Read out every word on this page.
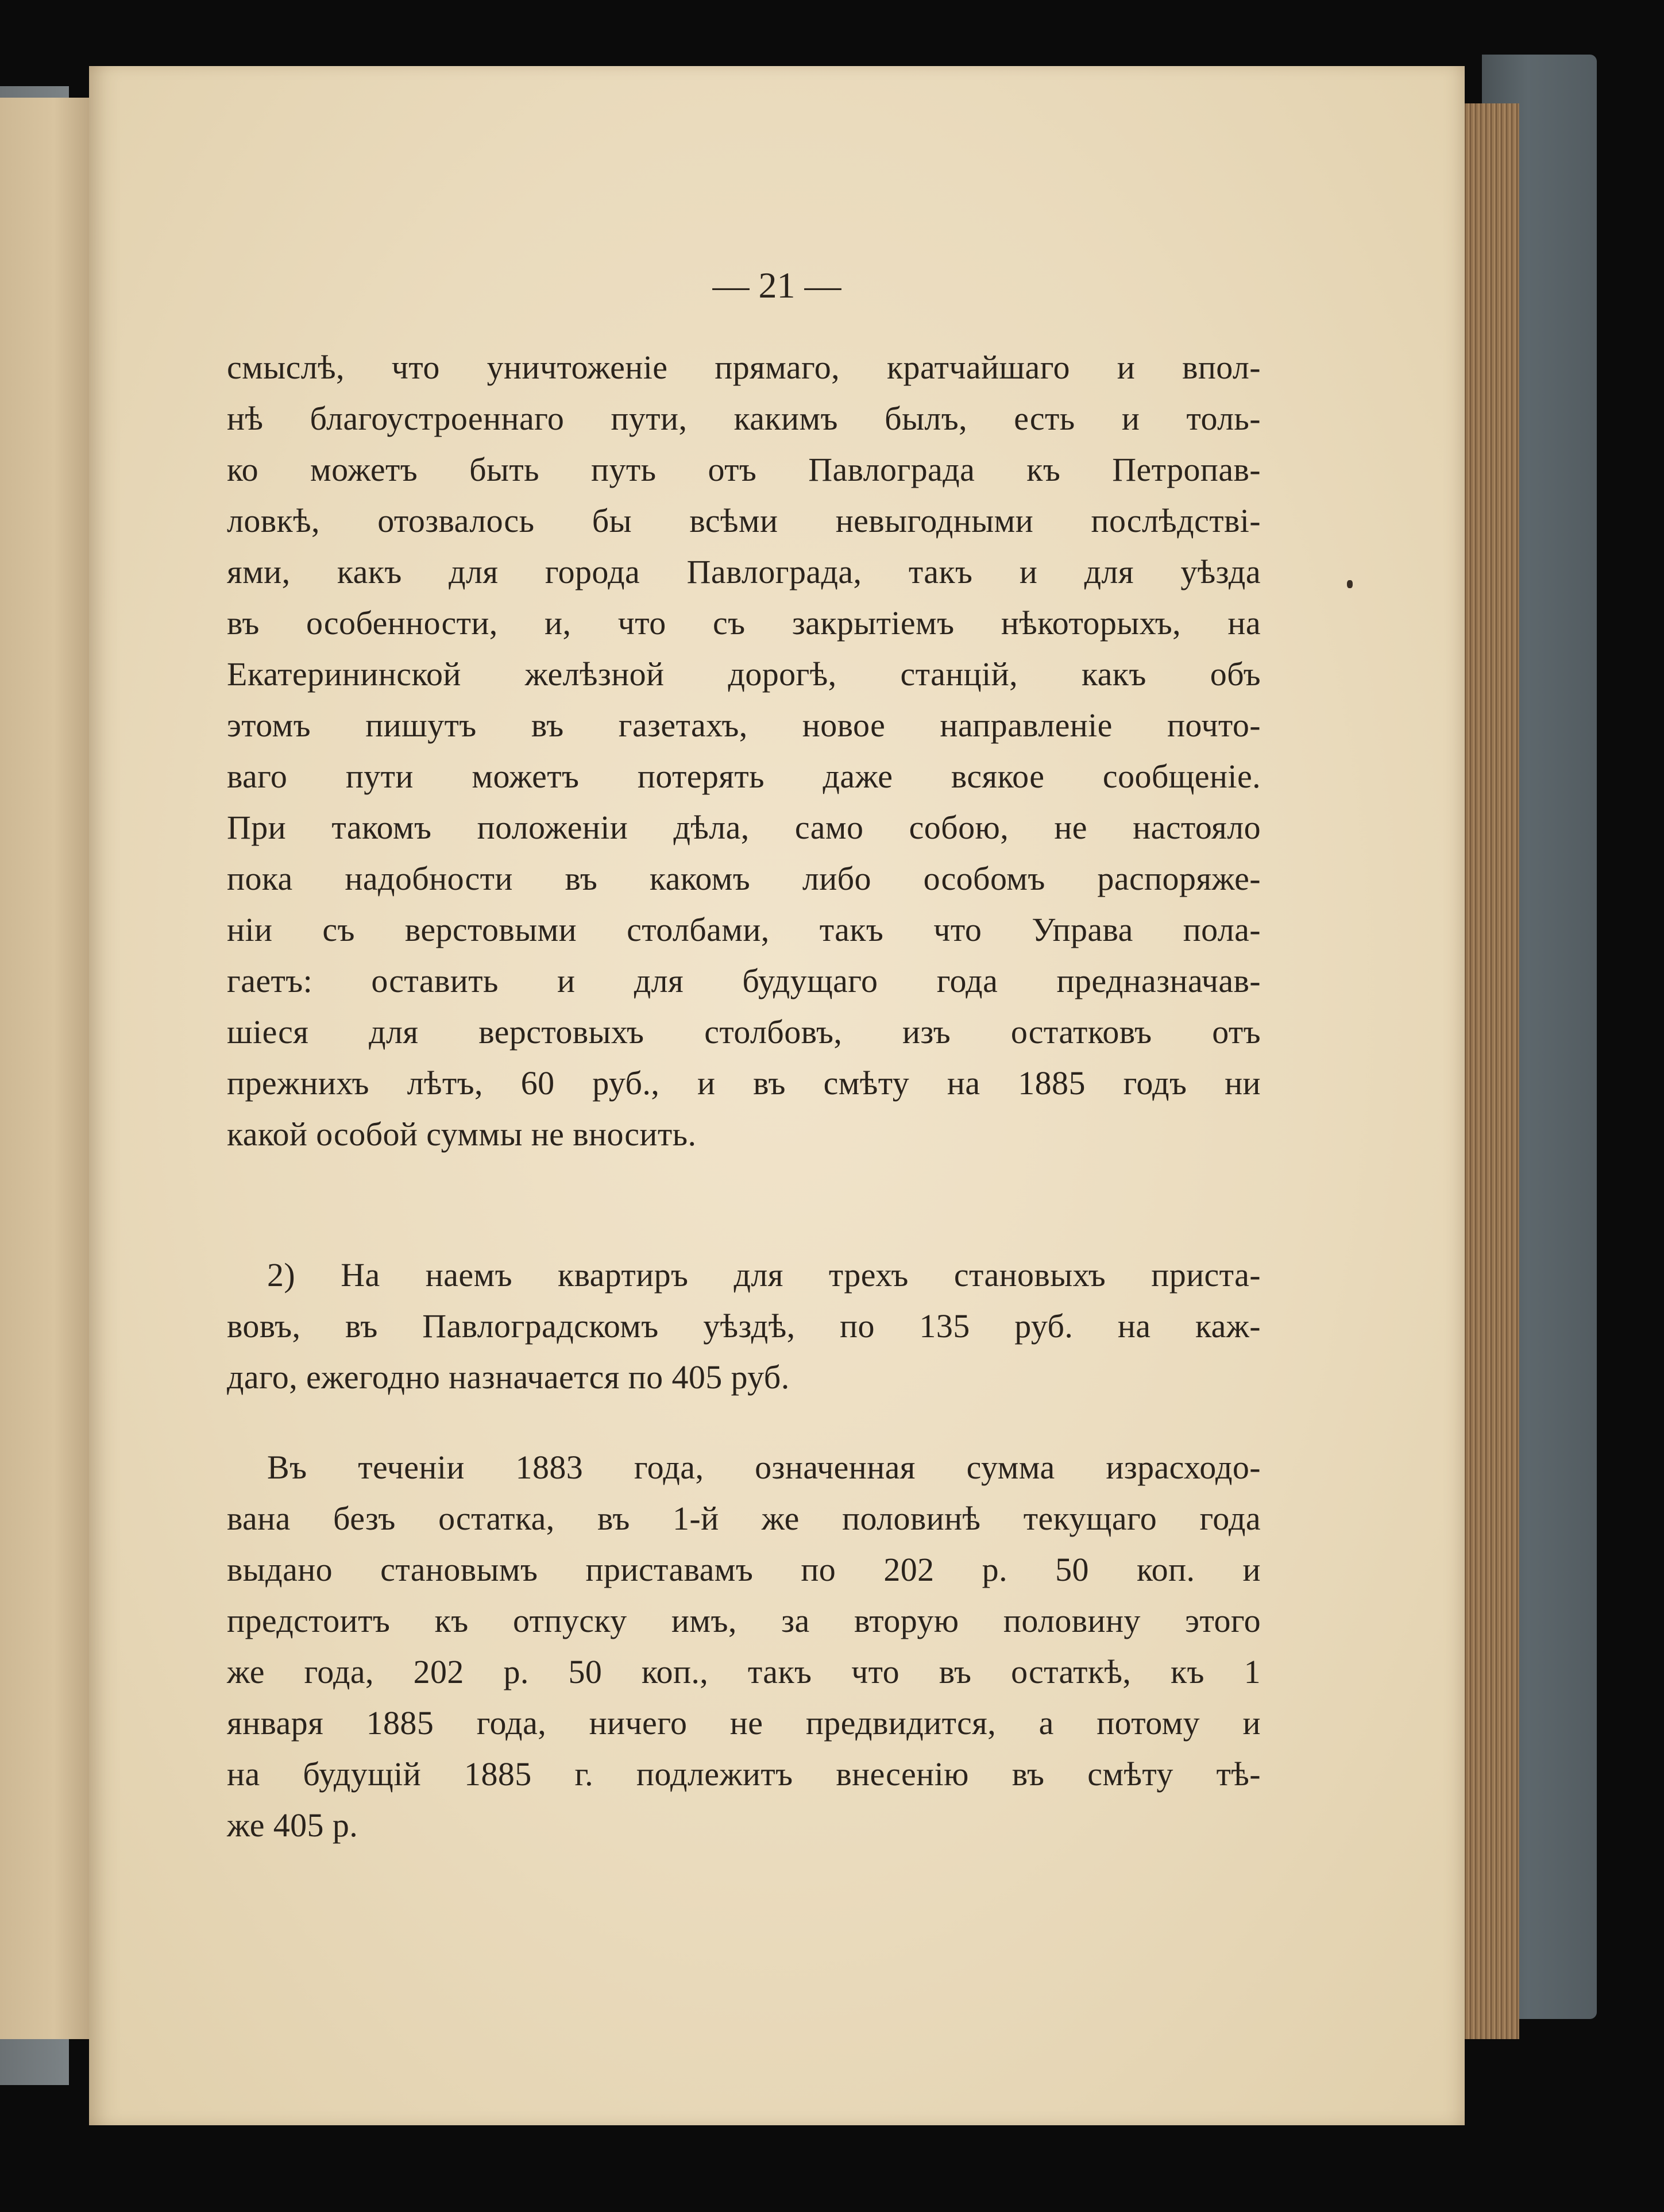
— 21 —
смыслѣ, что уничтоженіе прямаго, кратчайшаго и впол-
нѣ благоустроеннаго пути, какимъ былъ, есть и толь-
ко можетъ быть путь отъ Павлограда къ Петропав-
ловкѣ, отозвалось бы всѣми невыгодными послѣдствi-
ями, какъ для города Павлограда, такъ и для уѣзда
въ особенности, и, что съ закрытіемъ нѣкоторыхъ, на
Екатерининской желѣзной дорогѣ, станцій, какъ объ
этомъ пишутъ въ газетахъ, новое направленіе почто-
ваго пути можетъ потерять даже всякое сообщеніе.
При такомъ положеніи дѣла, само собою, не настояло
пока надобности въ какомъ либо особомъ распоряже-
ніи съ верстовыми столбами, такъ что Управа пола-
гаетъ: оставить и для будущаго года предназначав-
шіеся для верстовыхъ столбовъ, изъ остатковъ отъ
прежнихъ лѣтъ, 60 руб., и въ смѣту на 1885 годъ ни
какой особой суммы не вносить.
2) На наемъ квартиръ для трехъ становыхъ приста-
вовъ, въ Павлоградскомъ уѣздѣ, по 135 руб. на каж-
даго, ежегодно назначается по 405 руб.
Въ теченіи 1883 года, означенная сумма израсходо-
вана безъ остатка, въ 1-й же половинѣ текущаго года
выдано становымъ приставамъ по 202 р. 50 коп. и
предстоитъ къ отпуску имъ, за вторую половину этого
же года, 202 р. 50 коп., такъ что въ остаткѣ, къ 1
января 1885 года, ничего не предвидится, а потому и
на будущій 1885 г. подлежитъ внесенію въ смѣту тѣ-
же 405 р.
